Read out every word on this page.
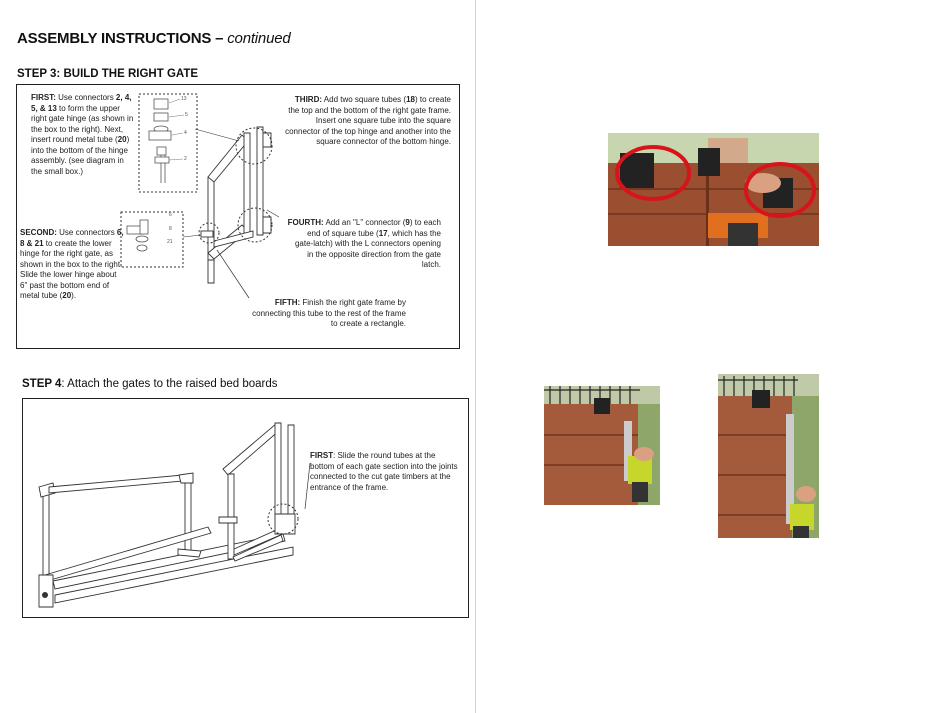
ASSEMBLY INSTRUCTIONS – continued
STEP 3: BUILD THE RIGHT GATE
13
5
4
2
6
8
21
FIRST: Use connectors 2, 4, 5, & 13 to form the upper right gate hinge (as shown in the box to the right). Next, insert round metal tube (20) into the bottom of the hinge assembly. (see diagram in the small box.)
SECOND: Use connectors 6, 8 & 21 to create the lower hinge for the right gate, as shown in the box to the right. Slide the lower hinge about 6" past the bottom end of metal tube (20).
THIRD: Add two square tubes (18) to create the top and the bottom of the right gate frame. Insert one square tube into the square connector of the top hinge and another into the square connector of the bottom hinge.
FOURTH: Add an "L" connector (9) to each end of square tube (17, which has the gate-latch) with the L connectors opening in the opposite direction from the gate latch.
FIFTH: Finish the right gate frame by connecting this tube to the rest of the frame to create a rectangle.
STEP 4: Attach the gates to the raised bed boards
FIRST: Slide the round tubes at the bottom of each gate section into the joints connected to the cut gate timbers at the entrance of the frame.
